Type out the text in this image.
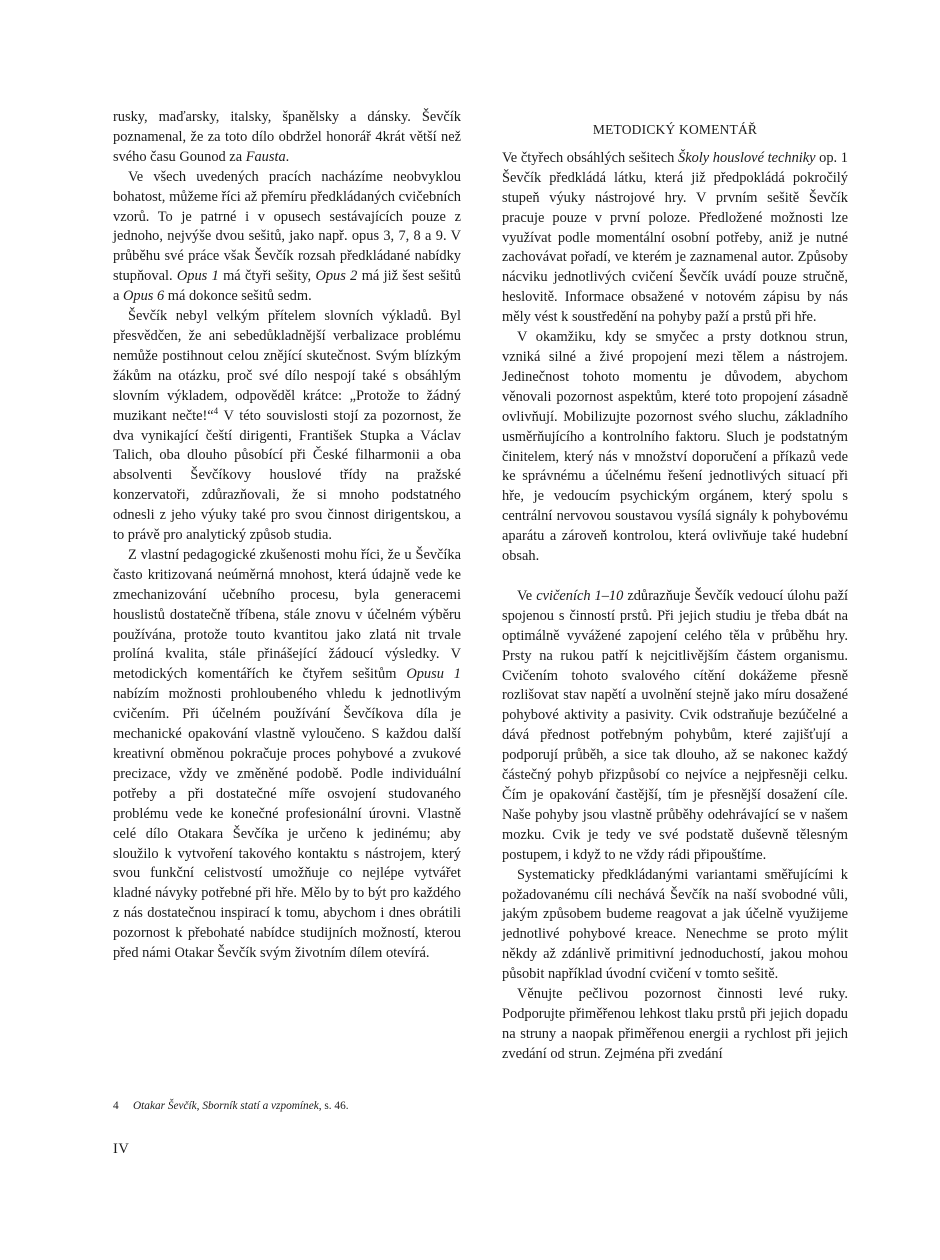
rusky, maďarsky, italsky, španělsky a dánsky. Ševčík poznamenal, že za toto dílo obdržel honorář 4krát větší než svého času Gounod za Fausta.

Ve všech uvedených pracích nacházíme neobvyklou bohatost, můžeme říci až přemíru předkládaných cvičebních vzorů. To je patrné i v opusech sestávajících pouze z jednoho, nejvýše dvou sešitů, jako např. opus 3, 7, 8 a 9. V průběhu své práce však Ševčík rozsah předkládané nabídky stupňoval. Opus 1 má čtyři sešity, Opus 2 má již šest sešitů a Opus 6 má dokonce sešitů sedm.

Ševčík nebyl velkým přítelem slovních výkladů. Byl přesvědčen, že ani sebedůkladnější verbalizace problému nemůže postihnout celou znějící skutečnost. Svým blízkým žákům na otázku, proč své dílo nespojí také s obsáhlým slovním výkladem, odpověděl krátce: „Protože to žádný muzikant nečte!“$^4$ V této souvislosti stojí za pozornost, že dva vynikající čeští dirigenti, František Stupka a Václav Talich, oba dlouho působící při České filharmonii a oba absolventi Ševčíkovy houslové třídy na pražské konzervatoři, zdůrazňovali, že si mnoho podstatného odnesli z jeho výuky také pro svou činnost dirigentskou, a to právě pro analytický způsob studia.

Z vlastní pedagogické zkušenosti mohu říci, že u Ševčíka často kritizovaná neúměrná mnohost, která údajně vede ke zmechanizování učebního procesu, byla generacemi houslistů dostatečně tříbena, stále znovu v účelném výběru používána, protože touto kvantitou jako zlatá nit trvale prolíná kvalita, stále přinášející žádoucí výsledky. V metodických komentářích ke čtyřem sešitům Opusu 1 nabízím možnosti prohloubeného vhledu k jednotlivým cvičením. Při účelném používání Ševčíkova díla je mechanické opakování vlastně vyloučeno. S každou další kreativní obměnou pokračuje proces pohybové a zvukové precizace, vždy ve změněné podobě. Podle individuální potřeby a při dostatečné míře osvojení studovaného problému vede ke konečné profesionální úrovni. Vlastně celé dílo Otakara Ševčíka je určeno k jedinému; aby sloužilo k vytvoření takového kontaktu s nástrojem, který svou funkční celistvostí umožňuje co nejlépe vytvářet kladné návyky potřebné při hře. Mělo by to být pro každého z nás dostatečnou inspirací k tomu, abychom i dnes obrátili pozornost k přebohaté nabídce studijních možností, kterou před námi Otakar Ševčík svým životním dílem otevírá.

4 Otakar Ševčík, Sborník statí a vzpomínek, s. 46.
METODICKÝ KOMENTÁŘ

Ve čtyřech obsáhlých sešitech Školy houslové techniky op. 1 Ševčík předkládá látku, která již předpokládá pokročilý stupeň výuky nástrojové hry. V prvním sešitě Ševčík pracuje pouze v první poloze. Předložené možnosti lze využívat podle momentální osobní potřeby, aniž je nutné zachovávat pořadí, ve kterém je zaznamenal autor. Způsoby nácviku jednotlivých cvičení Ševčík uvádí pouze stručně, heslovitě. Informace obsažené v notovém zápisu by nás měly vést k soustředění na pohyby paží a prstů při hře.

V okamžiku, kdy se smyčec a prsty dotknou strun, vzniká silné a živé propojení mezi tělem a nástrojem. Jedinečnost tohoto momentu je důvodem, abychom věnovali pozornost aspektům, které toto propojení zásadně ovlivňují. Mobilizujte pozornost svého sluchu, základního usměrňujícího a kontrolního faktoru. Sluch je podstatným činitelem, který nás v množství doporučení a příkazů vede ke správnému a účelnému řešení jednotlivých situací při hře, je vedoucím psychickým orgánem, který spolu s centrální nervovou soustavou vysílá signály k pohybovému aparátu a zároveň kontrolou, která ovlivňuje také hudební obsah.

Ve cvičeních 1–10 zdůrazňuje Ševčík vedoucí úlohu paží spojenou s činností prstů. Při jejich studiu je třeba dbát na optimálně vyvážené zapojení celého těla v průběhu hry. Prsty na rukou patří k nejcitlivějším částem organismu. Cvičením tohoto svalového cítění dokážeme přesně rozlišovat stav napětí a uvolnění stejně jako míru dosažené pohybové aktivity a pasivity. Cvik odstraňuje bezúčelné a dává přednost potřebným pohybům, které zajišťují a podporují průběh, a sice tak dlouho, až se nakonec každý částečný pohyb přizpůsobí co nejvíce a nejpřesněji celku. Čím je opakování častější, tím je přesnější dosažení cíle. Naše pohyby jsou vlastně průběhy odehrávající se v našem mozku. Cvik je tedy ve své podstatě duševně tělesným postupem, i když to ne vždy rádi připouštíme.

Systematicky předkládanými variantami směřujícími k požadovanému cíli nechává Ševčík na naší svobodné vůli, jakým způsobem budeme reagovat a jak účelně využijeme jednotlivé pohybové kreace. Nenechme se proto mýlit někdy až zdánlivě primitivní jednoduchostí, jakou mohou působit například úvodní cvičení v tomto sešitě.

Věnujte pečlivou pozornost činnosti levé ruky. Podporujte přiměřenou lehkost tlaku prstů při jejich dopadu na struny a naopak přiměřenou energii a rychlost při jejich zvedání od strun. Zejména při zvedání

IV
